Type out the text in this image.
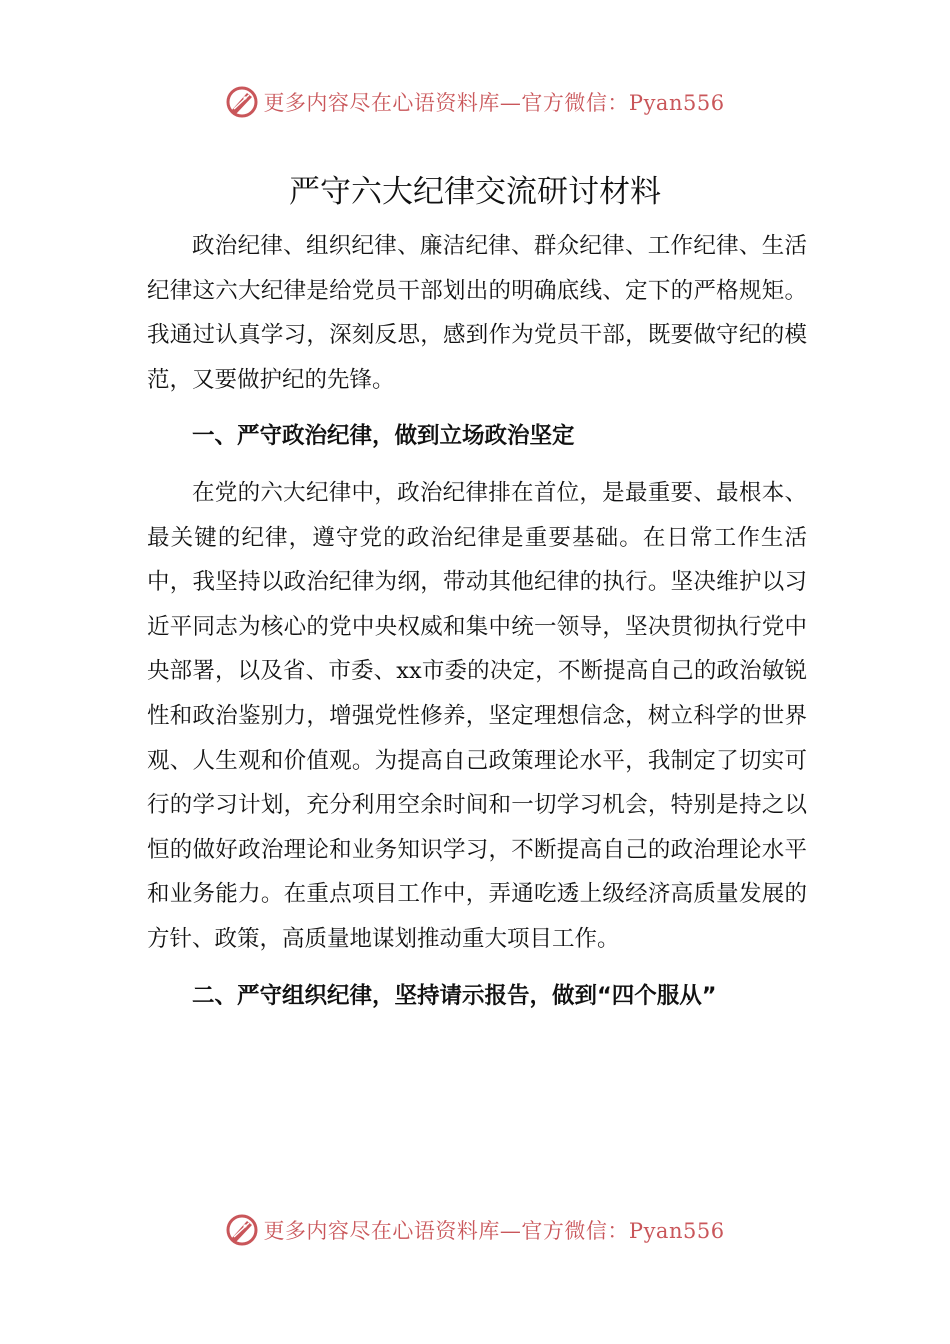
更多内容尽在心语资料库—官方微信：Pyan556
严守六大纪律交流研讨材料

政治纪律、组织纪律、廉洁纪律、群众纪律、工作纪律、生活纪律这六大纪律是给党员干部划出的明确底线、定下的严格规矩。我通过认真学习，深刻反思，感到作为党员干部，既要做守纪的模范，又要做护纪的先锋。

一、严守政治纪律，做到立场政治坚定

在党的六大纪律中，政治纪律排在首位，是最重要、最根本、最关键的纪律，遵守党的政治纪律是重要基础。在日常工作生活中，我坚持以政治纪律为纲，带动其他纪律的执行。坚决维护以习近平同志为核心的党中央权威和集中统一领导，坚决贯彻执行党中央部署，以及省、市委、xx市委的决定，不断提高自己的政治敏锐性和政治鉴别力，增强党性修养，坚定理想信念，树立科学的世界观、人生观和价值观。为提高自己政策理论水平，我制定了切实可行的学习计划，充分利用空余时间和一切学习机会，特别是持之以恒的做好政治理论和业务知识学习，不断提高自己的政治理论水平和业务能力。在重点项目工作中，弄通吃透上级经济高质量发展的方针、政策，高质量地谋划推动重大项目工作。

二、严守组织纪律，坚持请示报告，做到“四个服从”

更多内容尽在心语资料库—官方微信：Pyan556
